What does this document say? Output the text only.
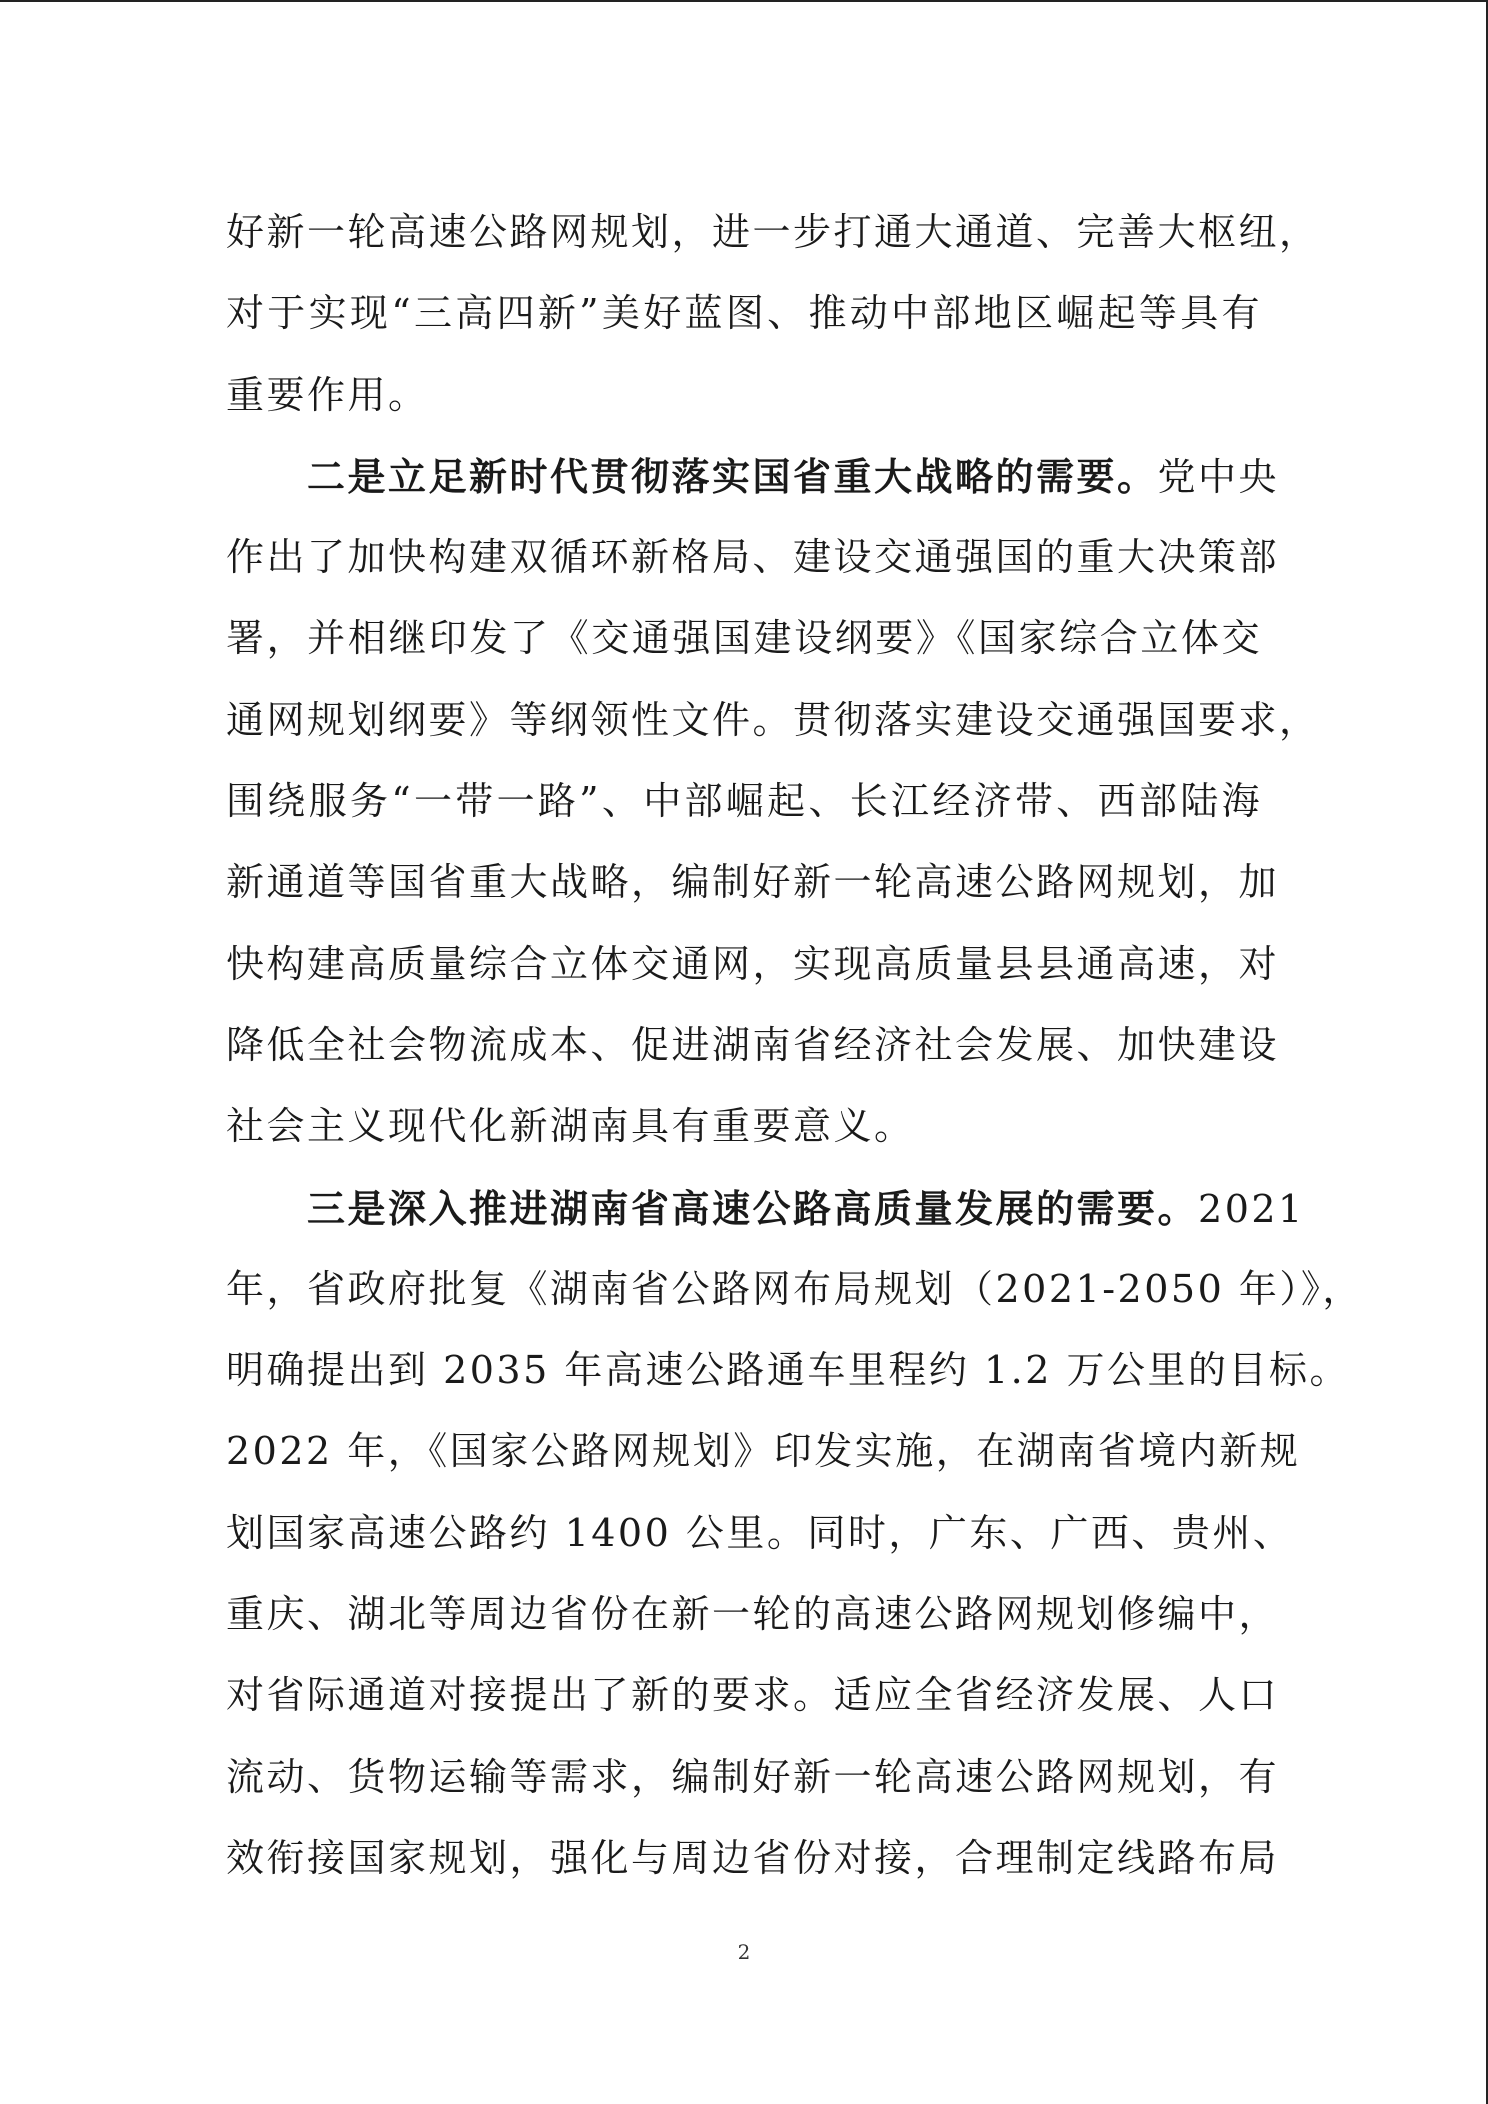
好新一轮高速公路网规划，进一步打通大通道、完善大枢纽，
对于实现“三高四新”美好蓝图、推动中部地区崛起等具有
重要作用。
　　二是立足新时代贯彻落实国省重大战略的需要。党中央
作出了加快构建双循环新格局、建设交通强国的重大决策部
署，并相继印发了《交通强国建设纲要》《国家综合立体交
通网规划纲要》等纲领性文件。贯彻落实建设交通强国要求，
围绕服务“一带一路”、中部崛起、长江经济带、西部陆海
新通道等国省重大战略，编制好新一轮高速公路网规划，加
快构建高质量综合立体交通网，实现高质量县县通高速，对
降低全社会物流成本、促进湖南省经济社会发展、加快建设
社会主义现代化新湖南具有重要意义。
　　三是深入推进湖南省高速公路高质量发展的需要。2021
年，省政府批复《湖南省公路网布局规划（2021-2050 年）》，
明确提出到 2035 年高速公路通车里程约 1.2 万公里的目标。
2022 年，《国家公路网规划》印发实施，在湖南省境内新规
划国家高速公路约 1400 公里。同时，广东、广西、贵州、
重庆、湖北等周边省份在新一轮的高速公路网规划修编中，
对省际通道对接提出了新的要求。适应全省经济发展、人口
流动、货物运输等需求，编制好新一轮高速公路网规划，有
效衔接国家规划，强化与周边省份对接，合理制定线路布局
2
